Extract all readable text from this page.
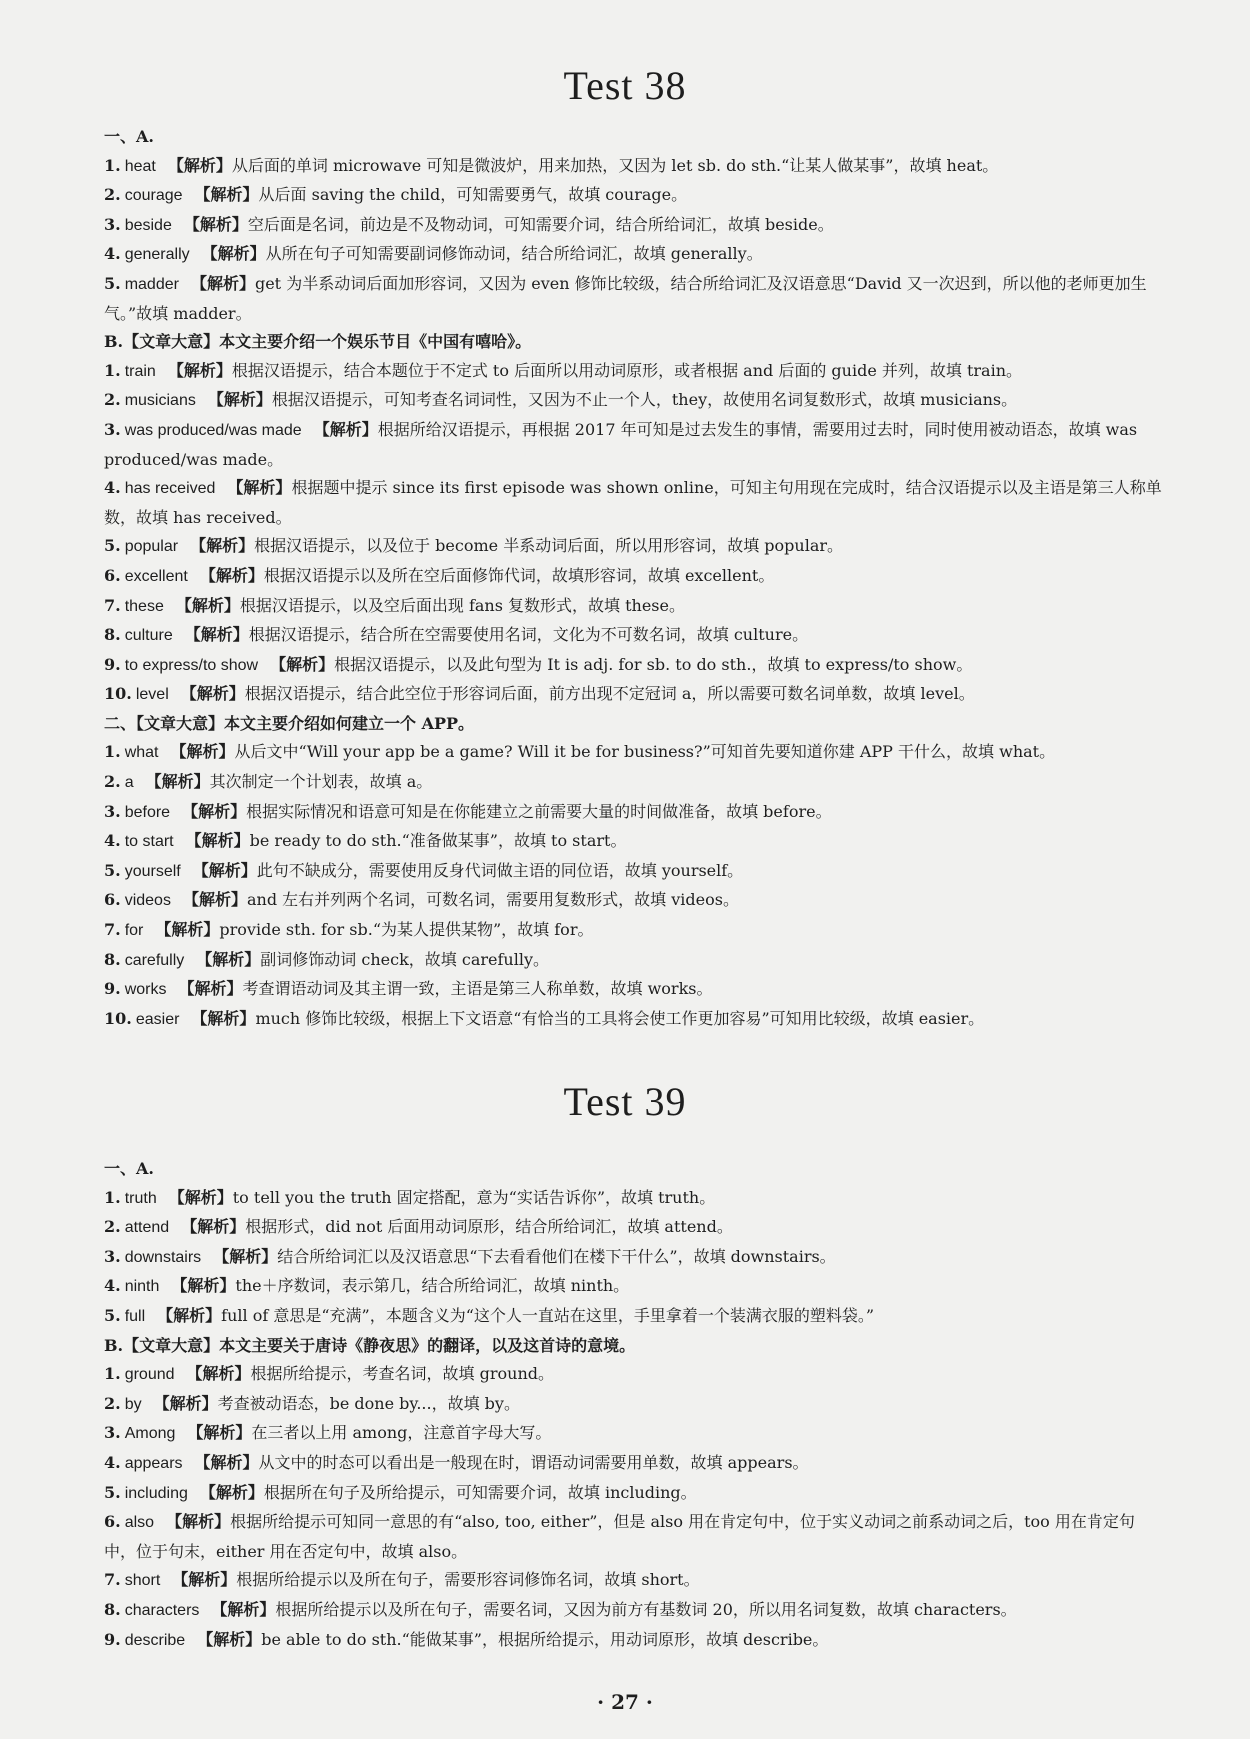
Test 38
一、A.
1. heat 【解析】从后面的单词 microwave 可知是微波炉，用来加热，又因为 let sb. do sth.“让某人做某事”，故填 heat。
2. courage 【解析】从后面 saving the child，可知需要勇气，故填 courage。
3. beside 【解析】空后面是名词，前边是不及物动词，可知需要介词，结合所给词汇，故填 beside。
4. generally 【解析】从所在句子可知需要副词修饰动词，结合所给词汇，故填 generally。
5. madder 【解析】get 为半系动词后面加形容词，又因为 even 修饰比较级，结合所给词汇及汉语意思“David 又一次迟到，所以他的老师更加生气。”故填 madder。
B.【文章大意】本文主要介绍一个娱乐节目《中国有嘻哈》。
1. train 【解析】根据汉语提示，结合本题位于不定式 to 后面所以用动词原形，或者根据 and 后面的 guide 并列，故填 train。
2. musicians 【解析】根据汉语提示，可知考查名词词性，又因为不止一个人，they，故使用名词复数形式，故填 musicians。
3. was produced/was made 【解析】根据所给汉语提示，再根据 2017 年可知是过去发生的事情，需要用过去时，同时使用被动语态，故填 was produced/was made。
4. has received 【解析】根据题中提示 since its first episode was shown online，可知主句用现在完成时，结合汉语提示以及主语是第三人称单数，故填 has received。
5. popular 【解析】根据汉语提示，以及位于 become 半系动词后面，所以用形容词，故填 popular。
6. excellent 【解析】根据汉语提示以及所在空后面修饰代词，故填形容词，故填 excellent。
7. these 【解析】根据汉语提示，以及空后面出现 fans 复数形式，故填 these。
8. culture 【解析】根据汉语提示，结合所在空需要使用名词，文化为不可数名词，故填 culture。
9. to express/to show 【解析】根据汉语提示，以及此句型为 It is adj. for sb. to do sth.，故填 to express/to show。
10. level 【解析】根据汉语提示，结合此空位于形容词后面，前方出现不定冠词 a，所以需要可数名词单数，故填 level。
二、【文章大意】本文主要介绍如何建立一个 APP。
1. what 【解析】从后文中“Will your app be a game? Will it be for business?”可知首先要知道你建 APP 干什么，故填 what。
2. a 【解析】其次制定一个计划表，故填 a。
3. before 【解析】根据实际情况和语意可知是在你能建立之前需要大量的时间做准备，故填 before。
4. to start 【解析】be ready to do sth.“准备做某事”，故填 to start。
5. yourself 【解析】此句不缺成分，需要使用反身代词做主语的同位语，故填 yourself。
6. videos 【解析】and 左右并列两个名词，可数名词，需要用复数形式，故填 videos。
7. for 【解析】provide sth. for sb.“为某人提供某物”，故填 for。
8. carefully 【解析】副词修饰动词 check，故填 carefully。
9. works 【解析】考查谓语动词及其主谓一致，主语是第三人称单数，故填 works。
10. easier 【解析】much 修饰比较级，根据上下文语意“有恰当的工具将会使工作更加容易”可知用比较级，故填 easier。
Test 39
一、A.
1. truth 【解析】to tell you the truth 固定搭配，意为“实话告诉你”，故填 truth。
2. attend 【解析】根据形式，did not 后面用动词原形，结合所给词汇，故填 attend。
3. downstairs 【解析】结合所给词汇以及汉语意思“下去看看他们在楼下干什么”，故填 downstairs。
4. ninth 【解析】the＋序数词，表示第几，结合所给词汇，故填 ninth。
5. full 【解析】full of 意思是“充满”，本题含义为“这个人一直站在这里，手里拿着一个装满衣服的塑料袋。”
B.【文章大意】本文主要关于唐诗《静夜思》的翻译，以及这首诗的意境。
1. ground 【解析】根据所给提示，考查名词，故填 ground。
2. by 【解析】考查被动语态，be done by...，故填 by。
3. Among 【解析】在三者以上用 among，注意首字母大写。
4. appears 【解析】从文中的时态可以看出是一般现在时，谓语动词需要用单数，故填 appears。
5. including 【解析】根据所在句子及所给提示，可知需要介词，故填 including。
6. also 【解析】根据所给提示可知同一意思的有“also, too, either”，但是 also 用在肯定句中，位于实义动词之前系动词之后，too 用在肯定句中，位于句末，either 用在否定句中，故填 also。
7. short 【解析】根据所给提示以及所在句子，需要形容词修饰名词，故填 short。
8. characters 【解析】根据所给提示以及所在句子，需要名词，又因为前方有基数词 20，所以用名词复数，故填 characters。
9. describe 【解析】be able to do sth.“能做某事”，根据所给提示，用动词原形，故填 describe。
· 27 ·
